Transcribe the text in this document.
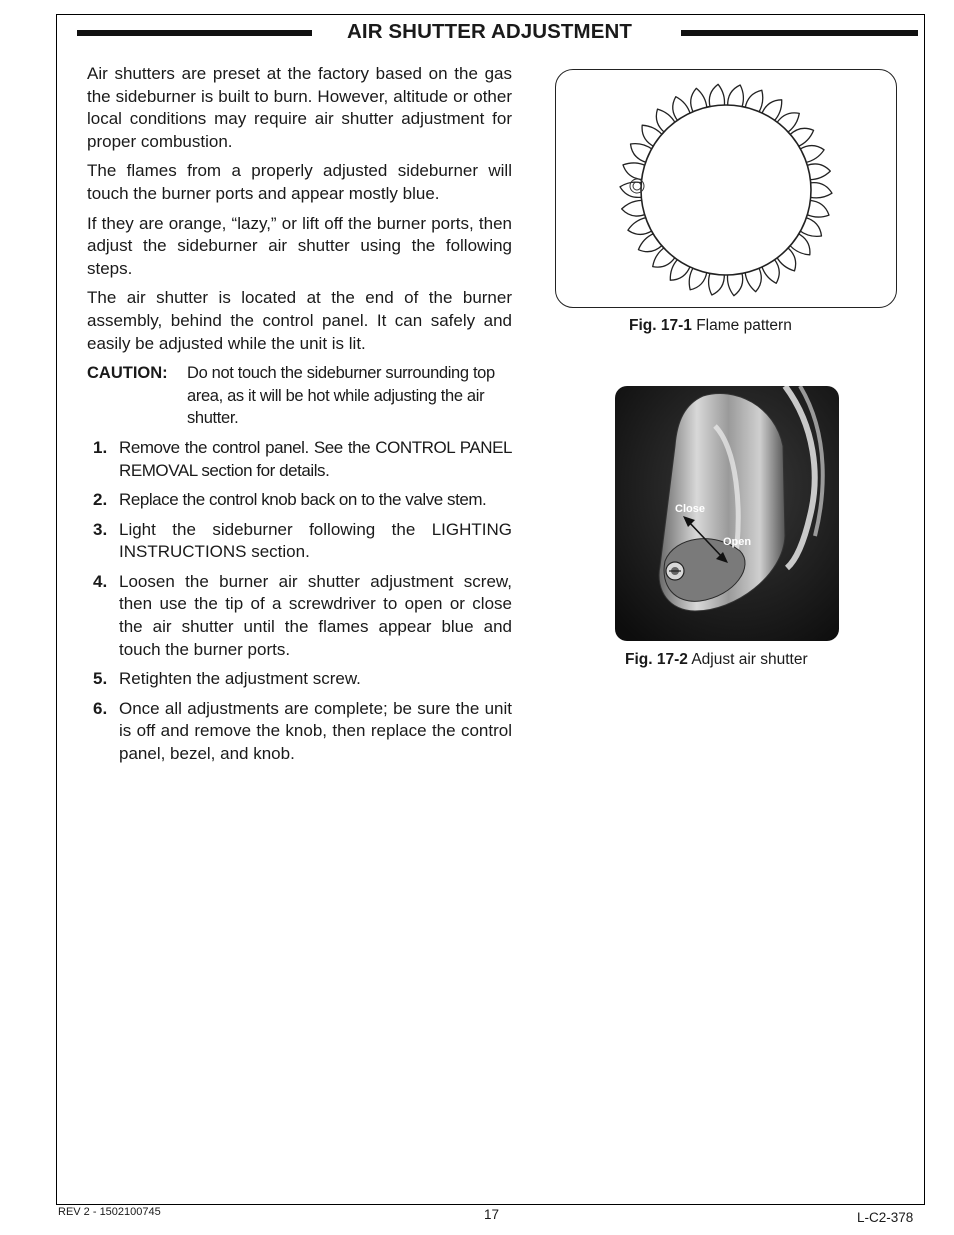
AIR SHUTTER ADJUSTMENT

Air shutters are preset at the factory based on the gas the sideburner is built to burn. However, altitude or other local conditions may require air shutter adjustment for proper combustion.

The flames from a properly adjusted sideburner will touch the burner ports and appear mostly blue.

If they are orange, “lazy,” or lift off the burner ports, then adjust the sideburner air shutter using the following steps.

The air shutter is located at the end of the burner assembly, behind the control panel. It can safely and easily be adjusted while the unit is lit.

CAUTION:	Do not touch the sideburner surrounding top area, as it will be hot while adjusting the air shutter.
1. Remove the control panel. See the CONTROL PANEL REMOVAL section for details.
2. Replace the control knob back on to the valve stem.
3. Light the sideburner following the LIGHTING INSTRUCTIONS section.
4. Loosen the burner air shutter adjustment screw, then use the tip of a screwdriver to open or close the air shutter until the flames appear blue and touch the burner ports.
5. Retighten the adjustment screw.
6. Once all adjustments are complete; be sure the unit is off and remove the knob, then replace the control panel, bezel, and knob.
Fig. 17-1 Flame pattern
Close
Open
Fig. 17-2 Adjust air shutter
REV 2 - 1502100745	17	L-C2-378
